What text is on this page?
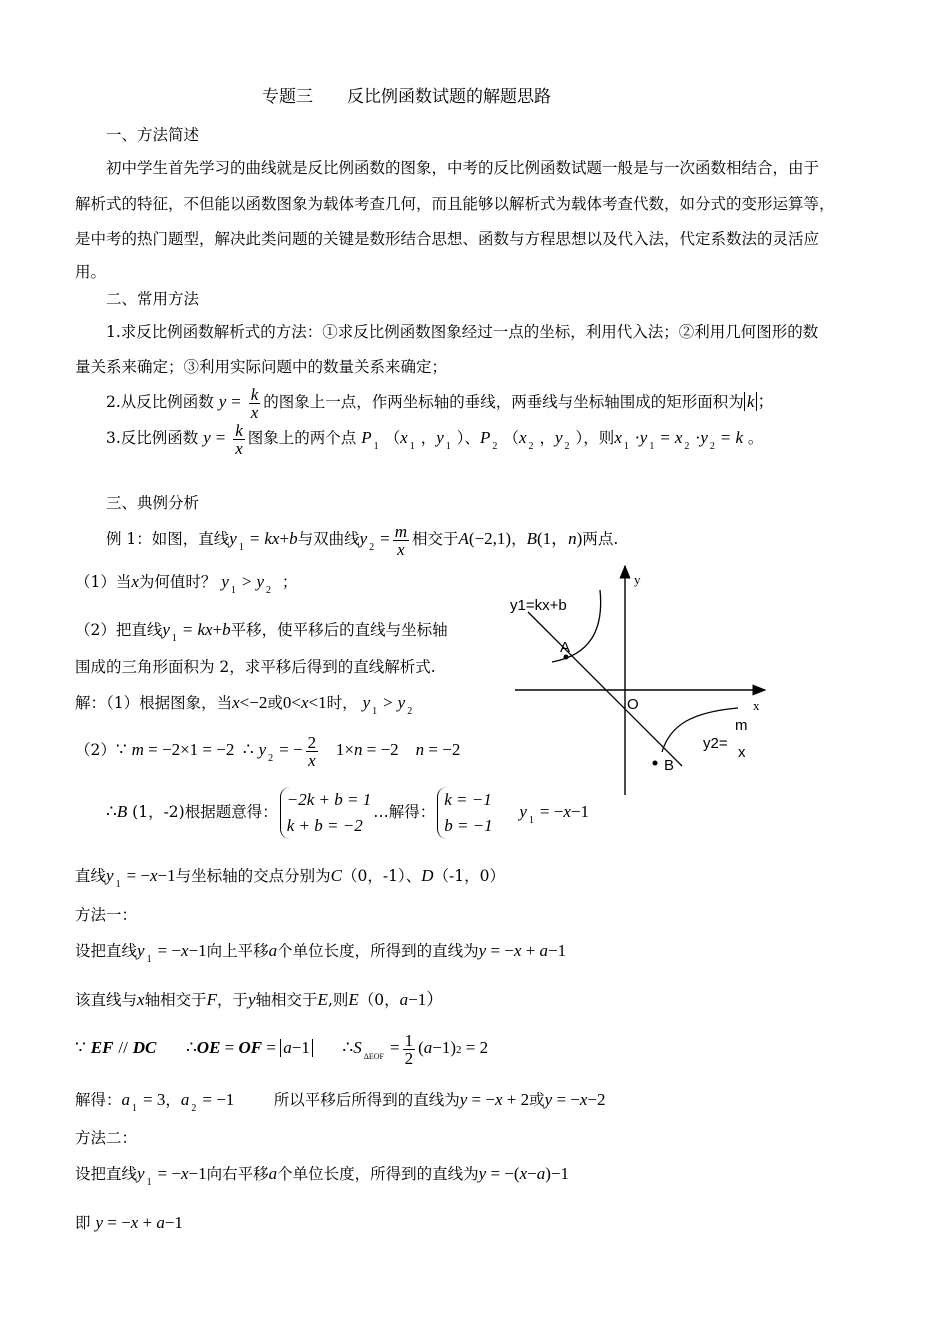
专题三　　反比例函数试题的解题思路
一、方法简述
初中学生首先学习的曲线就是反比例函数的图象，中考的反比例函数试题一般是与一次函数相结合，由于
解析式的特征，不但能以函数图象为载体考查几何，而且能够以解析式为载体考查代数，如分式的变形运算等，
是中考的热门题型，解决此类问题的关键是数形结合思想、函数与方程思想以及代入法，代定系数法的灵活应
用。
二、常用方法
1.求反比例函数解析式的方法：①求反比例函数图象经过一点的坐标，利用代入法；②利用几何图形的数
量关系来确定；③利用实际问题中的数量关系来确定；
2.从反比例函数 $y = \frac{k}{x}$ 的图象上一点，作两坐标轴的垂线，两垂线与坐标轴围成的矩形面积为 k ；
3.反比例函数 $y = \frac{k}{x}$ 图象上的两个点 P $_1$ （x $_1$ ，y $_1$ ）、P $_2$ （x $_2$ ，y $_2$ ），则x $_1$ ·y $_1$ = x $_2$ ·y $_2$ = k 。
三、典例分析
例 1：如图，直线y $_1$ = kx+b与双曲线y $_2 = \frac{m}{x}$ 相交于A(−2,1)，B(1，n)两点.
（1）当x为何值时？ y $_1$ > y $_2$ ；
（2）把直线y $_1$ = kx+b平移，使平移后的直线与坐标轴
围成的三角形面积为 2，求平移后得到的直线解析式.
解：（1）根据图象，当x<−2或0<x<1时， y $_1$ > y $_2$
（2）∵ m = −2×1 = −2  ∴ y $_2$ = − $\frac{2}{x} 1\times n = -2$    n = −2
∴B (1，-2)根据题意得：−2k + b = 1
k + b = −2…解得：k = −1
b = −1     y $_1$ = −x−1
直线y $_1$ = −x−1与坐标轴的交点分别为C（0，-1）、D（-1，0）
方法一：
设把直线y $_1$ = −x−1向上平移a个单位长度，所得到的直线为y = −x + a−1
该直线与x轴相交于F，于y轴相交于E,则E（0，a−1）
∵ EF // DC ∴OE = OF = a−1 ∴S $_{\Delta EOF} = \frac{1}{2} (a-1)2 = 2$
解得：a $_1$ = 3，a $_2$ = −1	所以平移后所得到的直线为y = −x + 2或y = −x−2
方法二：
设把直线y $_1$ = −x−1向右平移a个单位长度，所得到的直线为y = −(x−a)−1
即 y = −x + a−1
y
x
O
y1=kx+b
A
B
y2=
m
x
